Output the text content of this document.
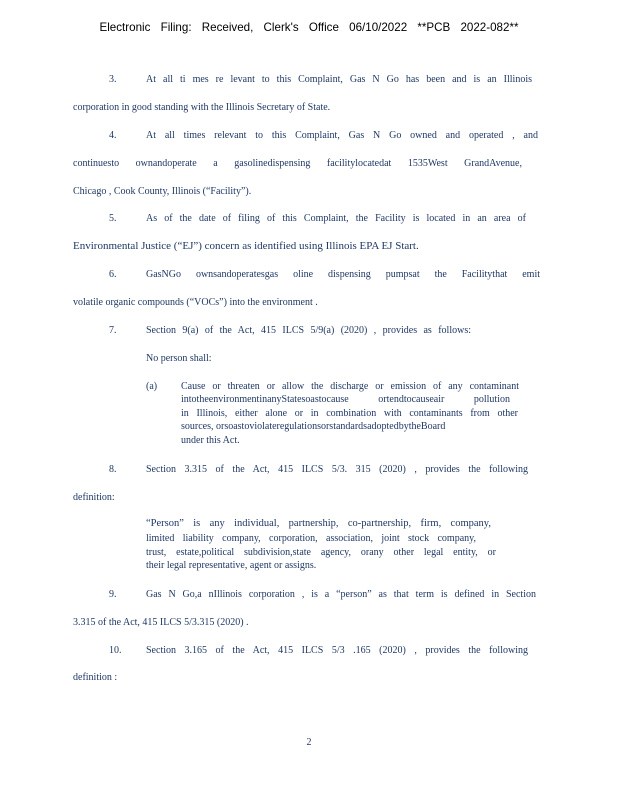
Electronic Filing: Received, Clerk's Office 06/10/2022 **PCB 2022-082**
3.	At all ti mes re levant to this Complaint, Gas N Go has been and is an Illinois
corporation in good standing with the Illinois Secretary of State.
4.	At all times relevant to this Complaint, Gas N Go owned and operated , and
continuesto ownandoperate a gasolinedispensing facilitylocatedat 1535West GrandAvenue,
Chicago , Cook County, Illinois (“Facility”).
5.	As of the date of filing of this Complaint, the Facility is located in an area of
Environmental Justice (“EJ”) concern as identified using Illinois EPA EJ Start.
6.	GasNGo ownsandoperatesgas oline dispensing pumpsat the Facilitythat emit
volatile organic compounds (“VOCs”) into the environment .
7.	Section 9(a) of the Act, 415 ILCS 5/9(a) (2020) , provides as follows:
No person shall:
(a) Cause or threaten or allow the discharge or emission of any contaminant
intotheenvironmentinanyStatesoastocause ortendtocauseair pollution
in Illinois, either alone or in combination with contaminants from other
sources, orsoastoviolateregulationsorstandardsadoptedbytheBoard
under this Act.
8.	Section 3.315 of the Act, 415 ILCS 5/3. 315 (2020) , provides the following
definition:
“Person” is any individual, partnership, co-partnership, firm, company,
limited liability company, corporation, association, joint stock company,
trust, estate,political subdivision,state agency, orany other legal entity, or
their legal representative, agent or assigns.
9.	Gas N Go,a nIllinois corporation , is a “person” as that term is defined in Section
3.315 of the Act, 415 ILCS 5/3.315 (2020) .
10. Section 3.165 of the Act, 415 ILCS 5/3 .165 (2020) , provides the following
definition :
2
